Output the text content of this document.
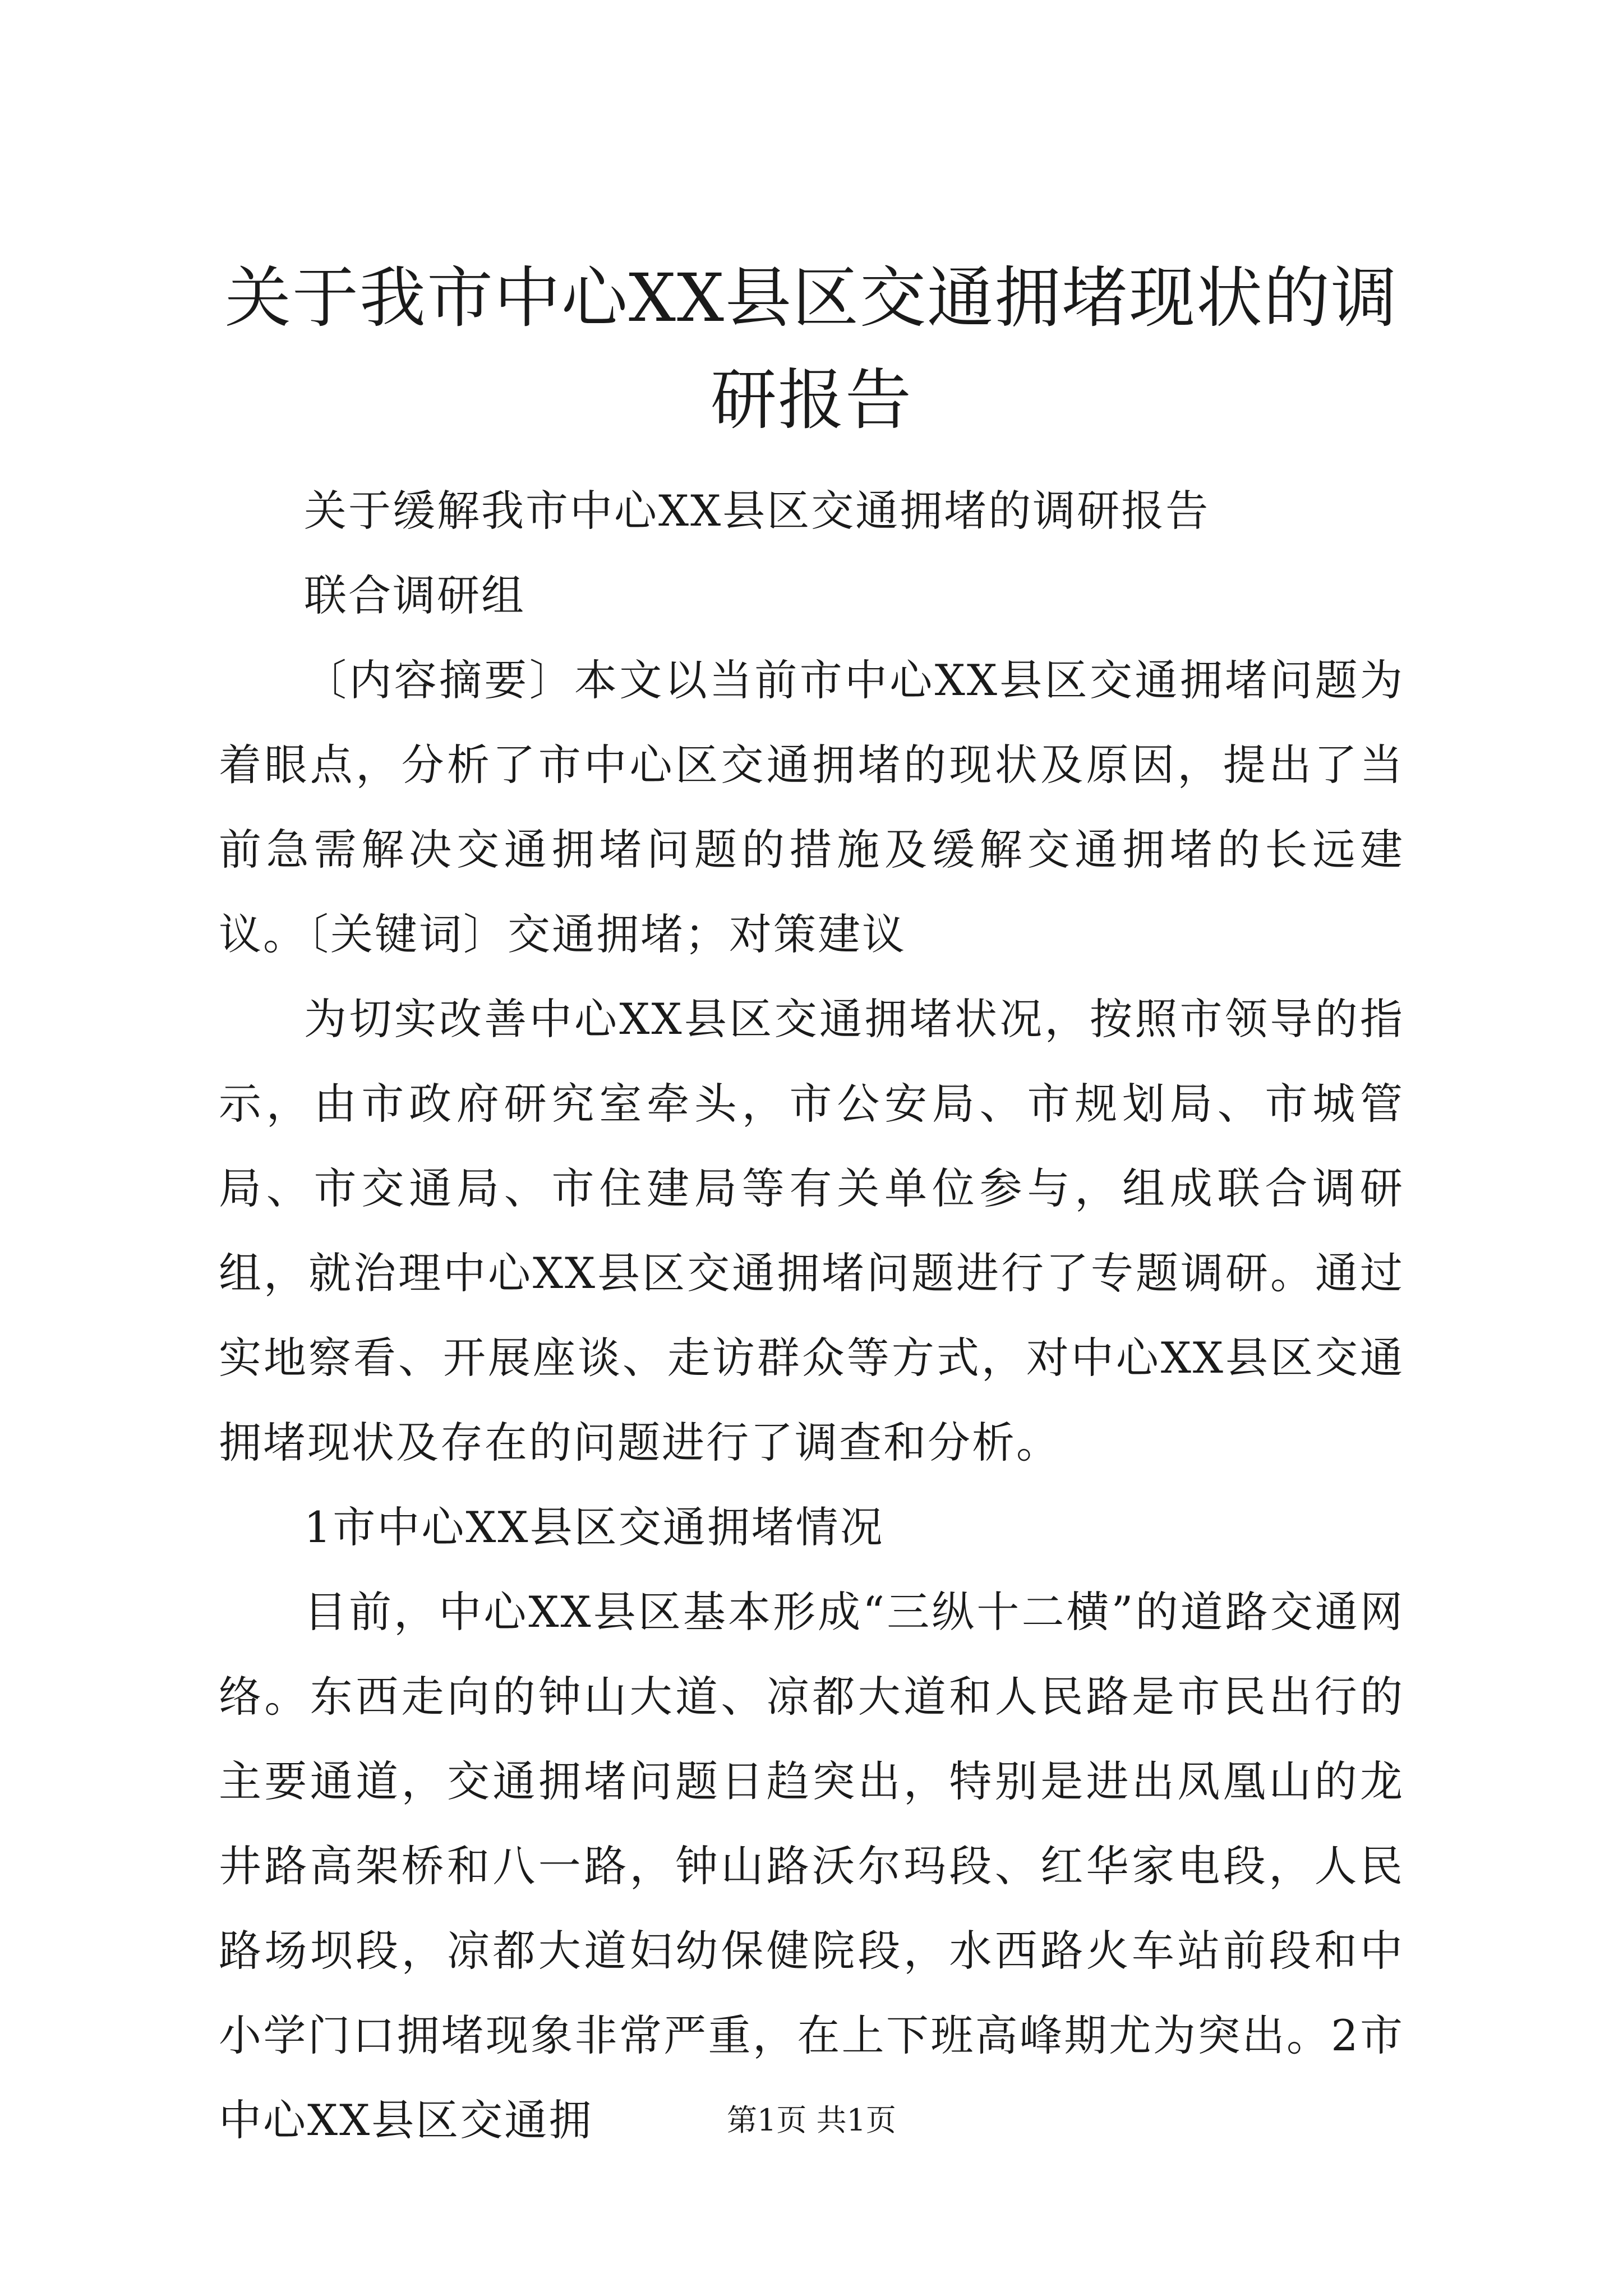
关于我市中心XX县区交通拥堵现状的调研报告

关于缓解我市中心XX县区交通拥堵的调研报告

联合调研组

〔内容摘要〕本文以当前市中心XX县区交通拥堵问题为着眼点，分析了市中心区交通拥堵的现状及原因，提出了当前急需解决交通拥堵问题的措施及缓解交通拥堵的长远建议。〔关键词〕交通拥堵；对策建议

为切实改善中心XX县区交通拥堵状况，按照市领导的指示，由市政府研究室牵头，市公安局、市规划局、市城管局、市交通局、市住建局等有关单位参与，组成联合调研组，就治理中心XX县区交通拥堵问题进行了专题调研。通过实地察看、开展座谈、走访群众等方式，对中心XX县区交通拥堵现状及存在的问题进行了调查和分析。

1市中心XX县区交通拥堵情况

目前，中心XX县区基本形成“三纵十二横”的道路交通网络。东西走向的钟山大道、凉都大道和人民路是市民出行的主要通道，交通拥堵问题日趋突出，特别是进出凤凰山的龙井路高架桥和八一路，钟山路沃尔玛段、红华家电段，人民路场坝段，凉都大道妇幼保健院段，水西路火车站前段和中小学门口拥堵现象非常严重，在上下班高峰期尤为突出。2市中心XX县区交通拥	第1页 共1页
